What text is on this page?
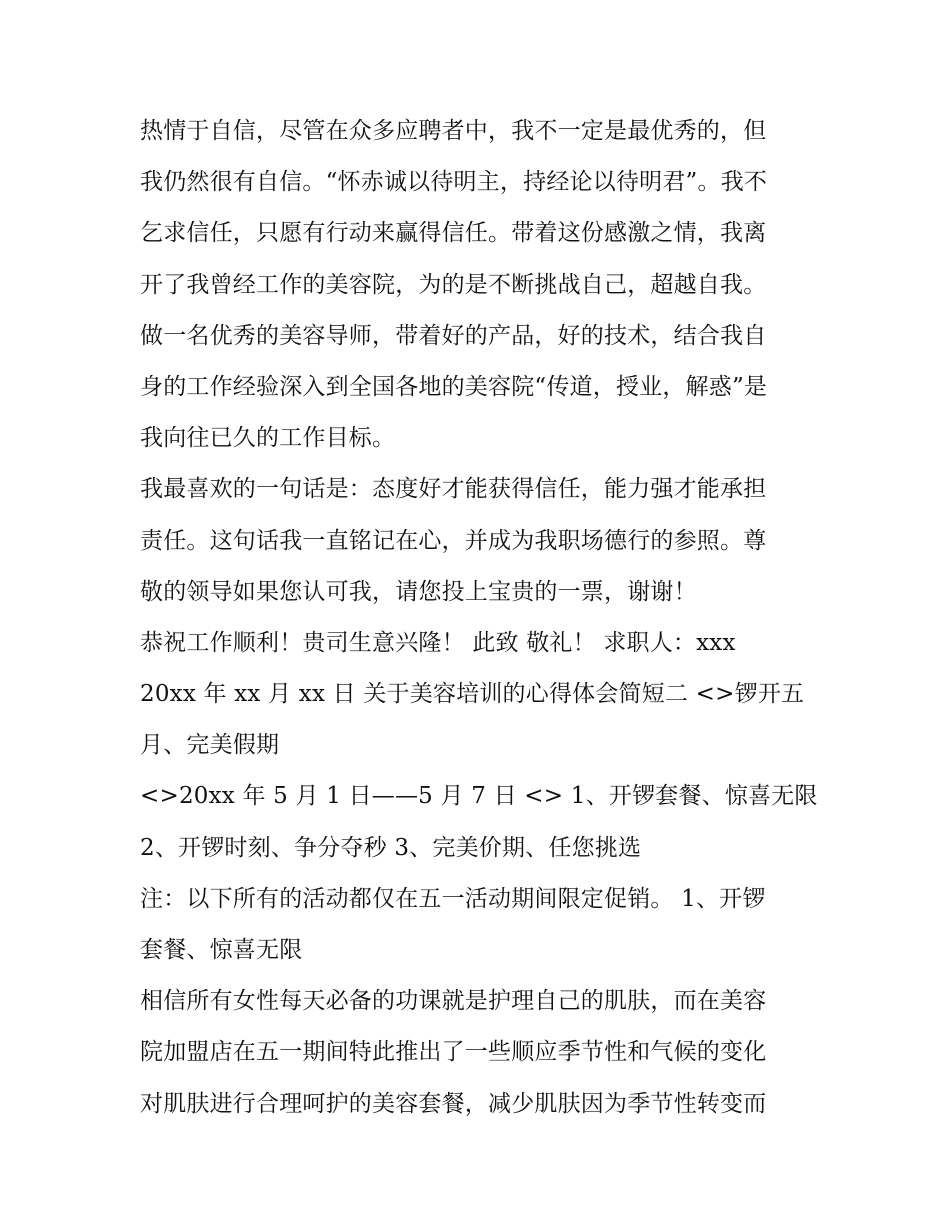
热情于自信，尽管在众多应聘者中，我不一定是最优秀的，但
我仍然很有自信。“怀赤诚以待明主，持经论以待明君”。我不
乞求信任，只愿有行动来赢得信任。带着这份感激之情，我离
开了我曾经工作的美容院，为的是不断挑战自己，超越自我。
做一名优秀的美容导师，带着好的产品，好的技术，结合我自
身的工作经验深入到全国各地的美容院“传道，授业，解惑”是
我向往已久的工作目标。
我最喜欢的一句话是：态度好才能获得信任，能力强才能承担
责任。这句话我一直铭记在心，并成为我职场德行的参照。尊
敬的领导如果您认可我，请您投上宝贵的一票，谢谢！
恭祝工作顺利！贵司生意兴隆！ 此致 敬礼！ 求职人：xxx
20xx 年 xx 月 xx 日 关于美容培训的心得体会简短二 <>锣开五
月、完美假期
<>20xx 年 5 月 1 日——5 月 7 日 <> 1、开锣套餐、惊喜无限
2、开锣时刻、争分夺秒 3、完美价期、任您挑选
注：以下所有的活动都仅在五一活动期间限定促销。 1、开锣
套餐、惊喜无限
相信所有女性每天必备的功课就是护理自己的肌肤，而在美容
院加盟店在五一期间特此推出了一些顺应季节性和气候的变化
对肌肤进行合理呵护的美容套餐，减少肌肤因为季节性转变而
